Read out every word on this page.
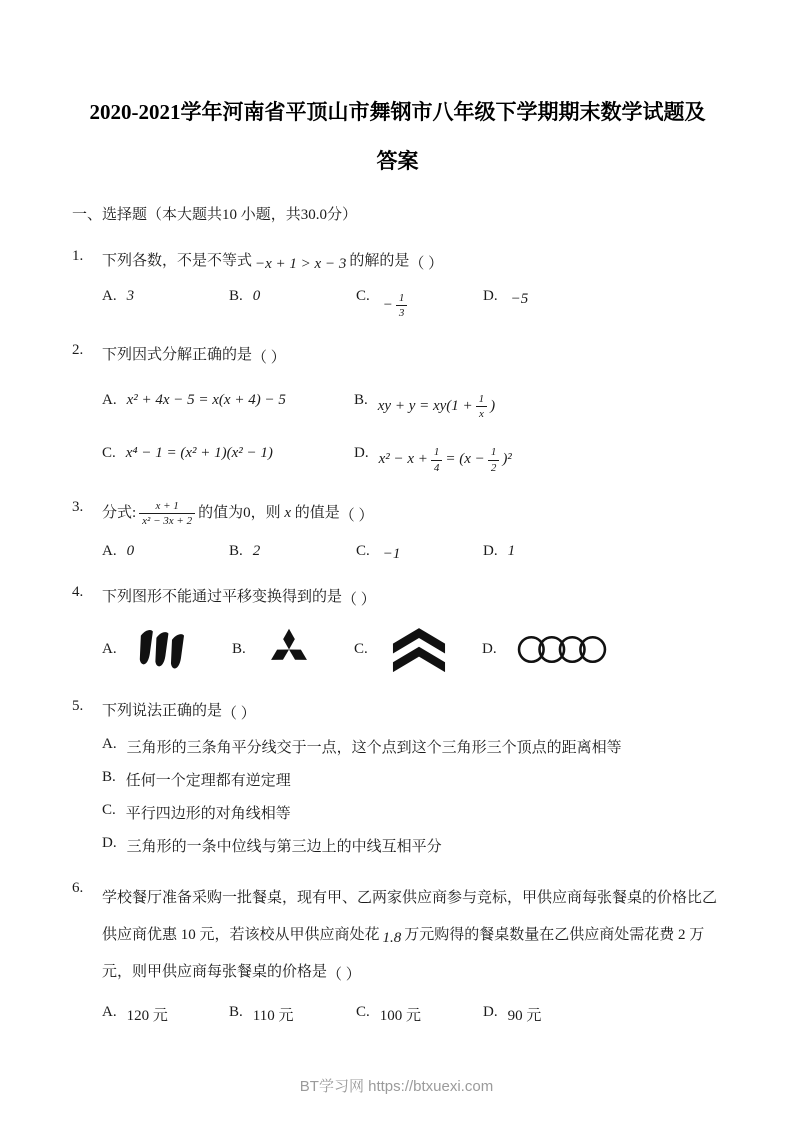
2020-2021学年河南省平顶山市舞钢市八年级下学期期末数学试题及
答案
一、选择题（本大题共10 小题，共30.0分）
1.	下列各数，不是不等式 −x + 1 > x − 3 的解的是（ ）
A. 3	B. 0	C.
− $\frac{1}{3}$	D. −5
2.	下列因式分解正确的是（ ）
A. x² + 4x − 5 = x(x + 4) − 5	B. xy + $y = xy(1 + \frac{1}{x}$ )
C. x⁴ − 1 = (x² + 1)(x² − 1)	D. $x^2 - x + \frac{1}{4} = (x - \frac{1}{2} )^2$
3.	分式: $\frac{x + 1}{\text{x² − 3x + 2}}$ 的值为0，则 x 的值是（ ）
A. 0	B. 2	C. −1	D. 1
4.	下列图形不能通过平移变换得到的是（ ）
A.	B.	C.	D.
5.	下列说法正确的是（ ）
A. 三角形的三条角平分线交于一点，这个点到这个三角形三个顶点的距离相等
B. 任何一个定理都有逆定理
C. 平行四边形的对角线相等
D. 三角形的一条中位线与第三边上的中线互相平分
6.
学校餐厅准备采购一批餐桌，现有甲、乙两家供应商参与竞标，甲供应商每张餐桌的价格比乙供应商优惠 10 元，若该校从甲供应商处花 1.8 万元购得的餐桌数量在乙供应商处需花费 2 万元，则甲供应商每张餐桌的价格是（ ）
A. 120 元	B. 110 元	C. 100 元	D. 90 元
BT学习网 https://btxuexi.com
